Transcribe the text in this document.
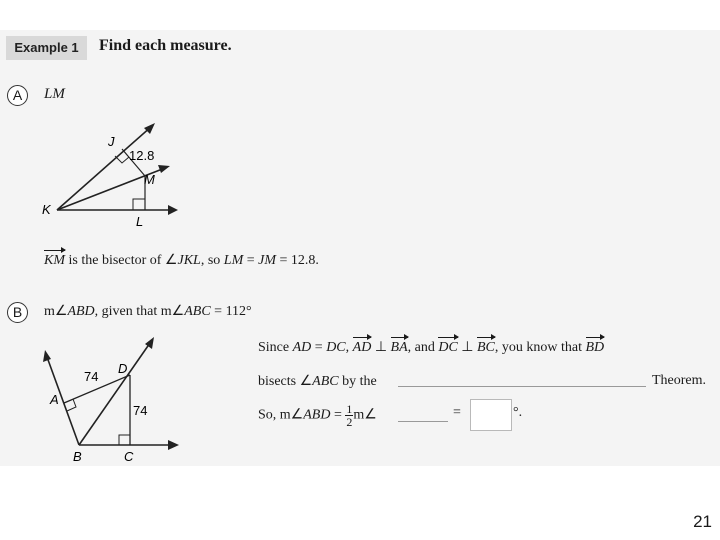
Example 1	Find each measure.
A	LM
J
K
L
M
12.8
KM is the bisector of ∠JKL, so LM = JM = 12.8.
B	m∠ABD, given that m∠ABC = 112°
A
B	C
D
74
74
Since AD = DC, AD ⊥ BA, and DC ⊥ BC, you know that BD
bisects ∠ABC by the	Theorem.
So, m∠ABD = $\frac{1}{2}$ m∠	=	°.
21
